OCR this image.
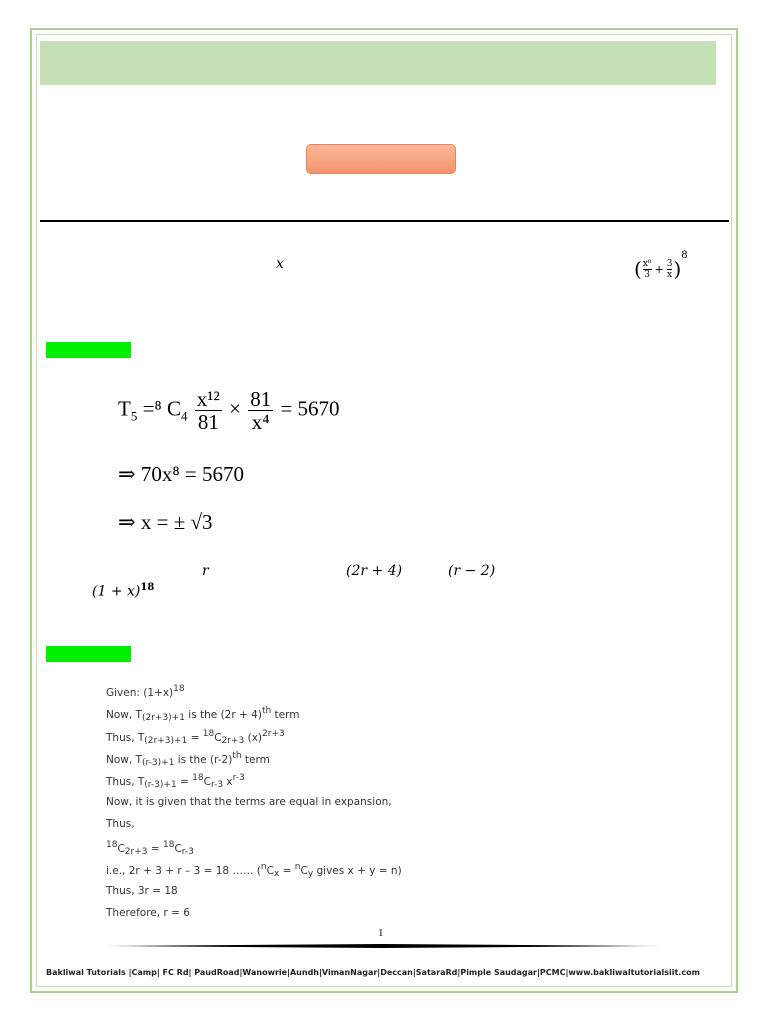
x	( $\frac{\text{x⁸}}{3} + \frac{3}{x} )^8$
$T_5 =^8$ $C_4 \frac{\text{x¹²}}{81} \times \frac{81}{\text{x⁴}} = 5670$
⇒ 70x⁸ = 5670
⇒ x = ± √3
r	(2r + 4)	(r − 2)
$(1 + x)^{18}$
Given: $(1+x)^{18}$
Now, $T_{(2r+3)+1}$ is the $(2r + 4)^{th}$ term
Thus, $T_{(2r+3)+1} = ^{18}C_{2r+3}$ $(x)^{2r+3}$
Now, $T_{(r-3)+1}$ is the $(r-2)^{th}$ term
Thus, $T_{(r-3)+1} = ^{18}C_{r-3}$ $x^{r-3}$
Now, it is given that the terms are equal in expansion,
Thus,
$^{18}C_{2r+3} = ^{18}C_{r-3}$
i.e., 2r + 3 + r – 3 = 18 …… ($^nC_x = ^nC_y$ gives x + y = n)
Thus, 3r = 18
Therefore, r = 6
1
Bakliwal Tutorials |Camp| FC Rd| PaudRoad|Wanowrie|Aundh|VimanNagar|Deccan|SataraRd|Pimple Saudagar|PCMC|www.bakliwaltutorialsiit.com
